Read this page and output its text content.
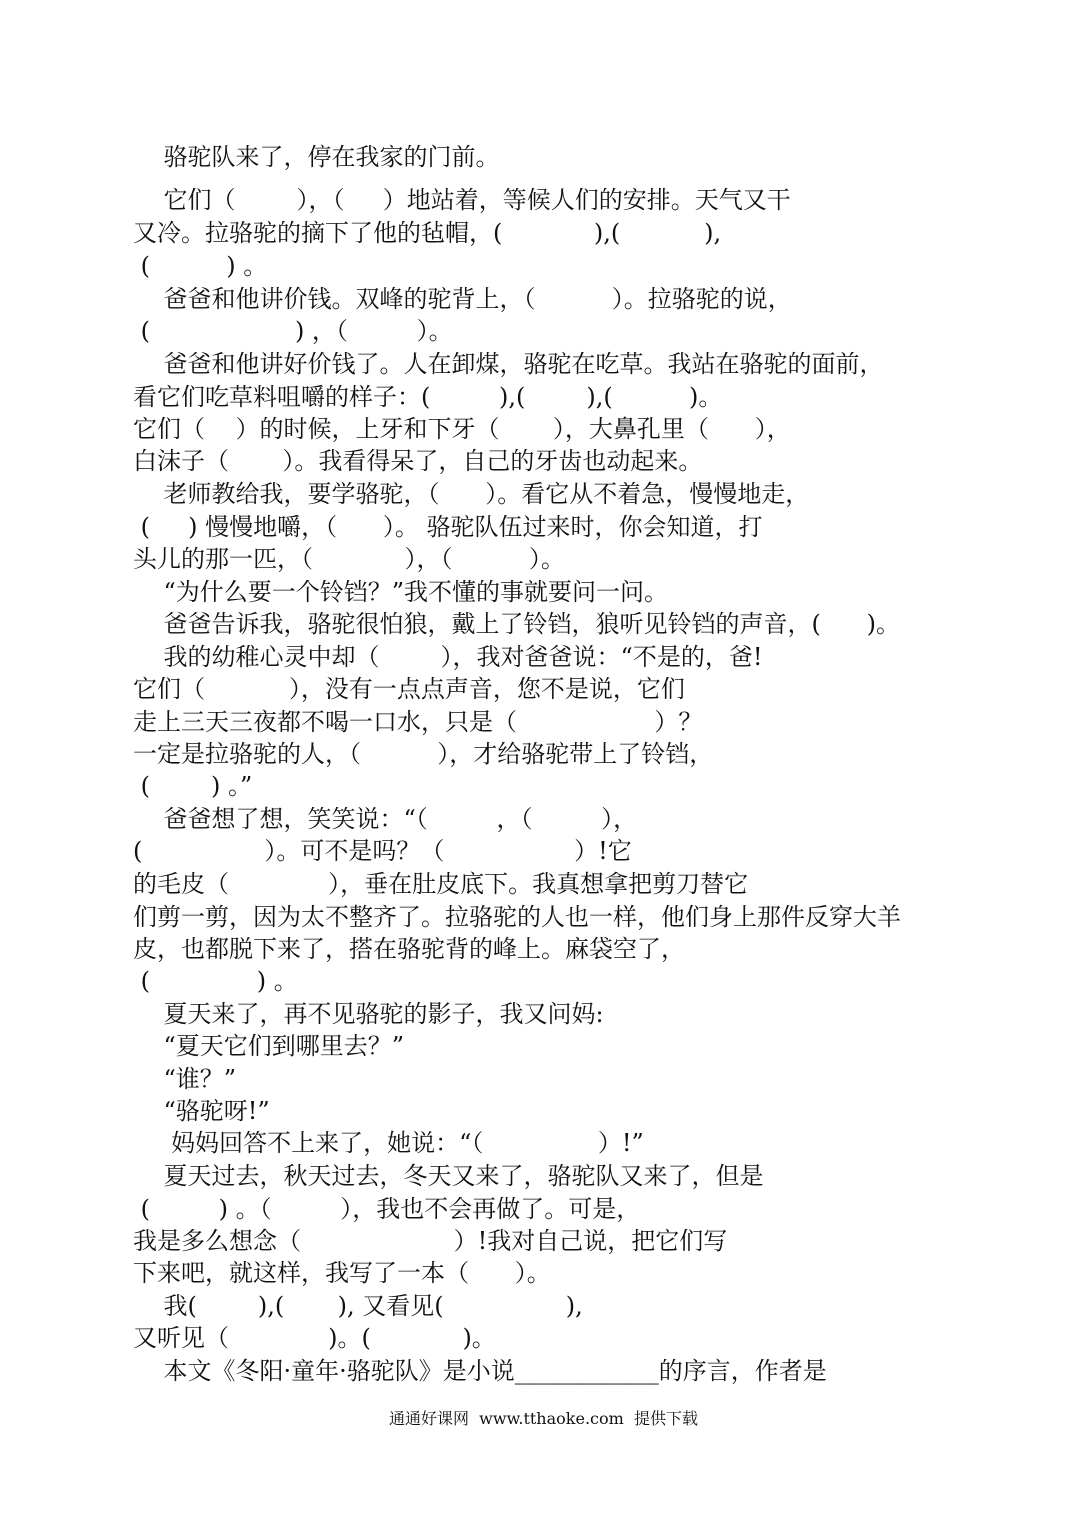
骆驼队来了，停在我家的门前。
它们（        ），（     ）地站着，等候人们的安排。天气又干
又冷。拉骆驼的摘下了他的毡帽，(            ),(           ),
(          ) 。
爸爸和他讲价钱。双峰的驼背上，（          ）。拉骆驼的说，
(                   ) ，（         ）。
爸爸和他讲好价钱了。人在卸煤，骆驼在吃草。我站在骆驼的面前，
看它们吃草料咀嚼的样子：(         ),(        ),(          )。
它们（    ）的时候，上牙和下牙（       ），大鼻孔里（      ），
白沫子（       ）。我看得呆了，自己的牙齿也动起来。
老师教给我，要学骆驼，（      ）。看它从不着急，慢慢地走，
(     ) 慢慢地嚼，（      ）。 骆驼队伍过来时，你会知道，打
头儿的那一匹，（            ），（          ）。
“为什么要一个铃铛？”我不懂的事就要问一问。
爸爸告诉我，骆驼很怕狼，戴上了铃铛，狼听见铃铛的声音，(      )。
我的幼稚心灵中却（        ），我对爸爸说：“不是的，爸!
它们（           ），没有一点点声音，您不是说，它们
走上三天三夜都不喝一口水，只是（                  ）？
一定是拉骆驼的人，（          ），才给骆驼带上了铃铛，
(        ) 。”
爸爸想了想，笑笑说：“（         ，（         ），
(                ）。可不是吗？（                 ）!它
的毛皮（             ），垂在肚皮底下。我真想拿把剪刀替它
们剪一剪，因为太不整齐了。拉骆驼的人也一样，他们身上那件反穿大羊
皮，也都脱下来了，搭在骆驼背的峰上。麻袋空了，
(              ) 。
夏天来了，再不见骆驼的影子，我又问妈:
“夏天它们到哪里去？”
“谁？”
“骆驼呀!”
妈妈回答不上来了，她说：“（               ）!”
夏天过去，秋天过去，冬天又来了，骆驼队又来了，但是
(         ) 。（         ），我也不会再做了。可是，
我是多么想念（                    ）!我对自己说，把它们写
下来吧，就这样，我写了一本（      ）。
我(        ),(       ), 又看见(                ),
又听见（             )。(            )。
本文《冬阳·童年·骆驼队》是小说____________的序言，作者是
通通好课网  www.tthaoke.com  提供下载
